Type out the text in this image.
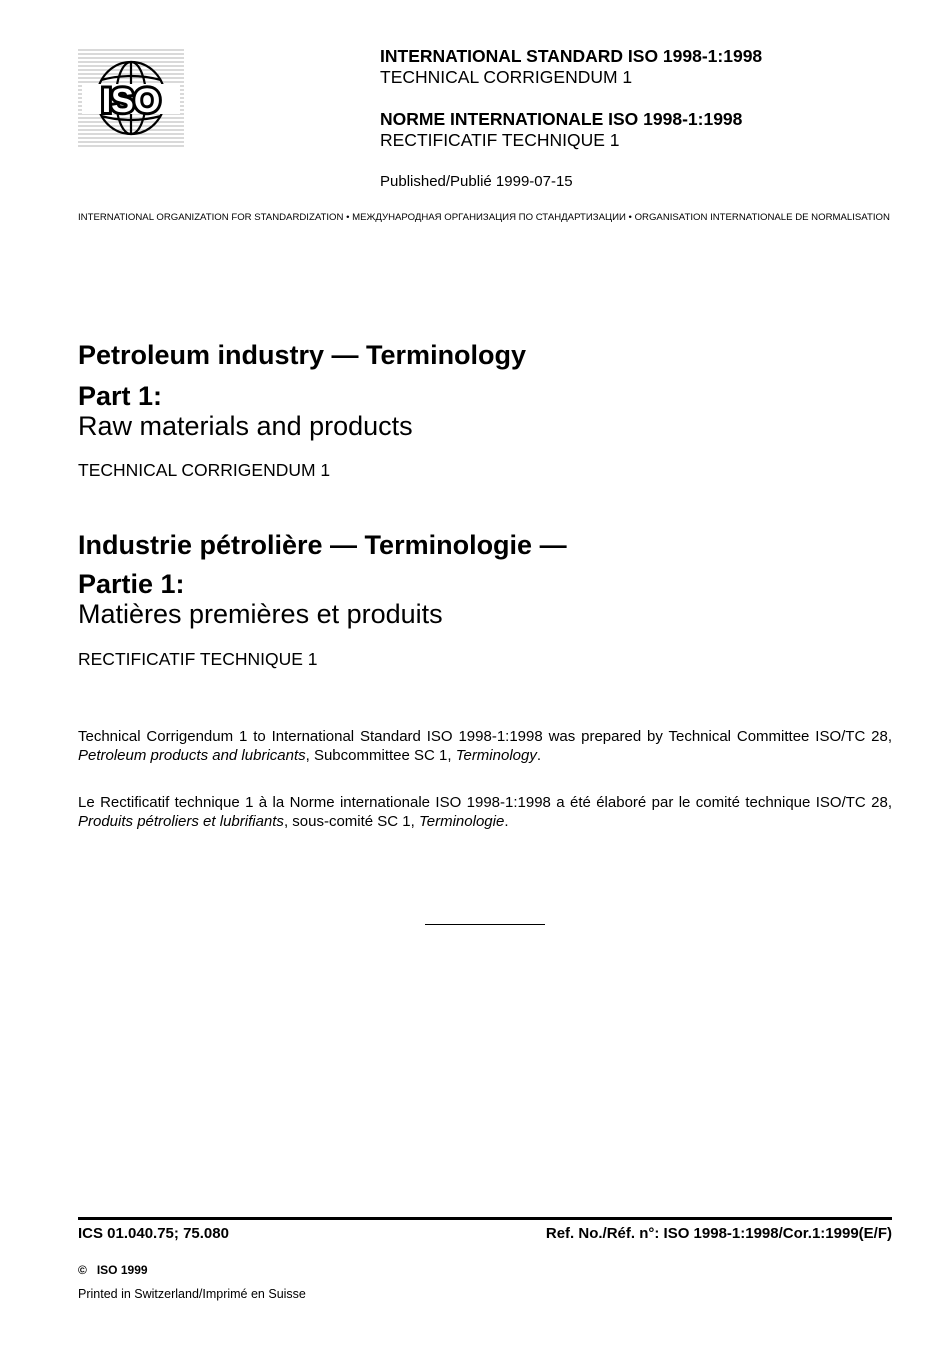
ISO
INTERNATIONAL STANDARD ISO 1998-1:1998
TECHNICAL CORRIGENDUM 1
NORME INTERNATIONALE ISO 1998-1:1998
RECTIFICATIF TECHNIQUE 1
Published/Publié 1999-07-15
INTERNATIONAL ORGANIZATION FOR STANDARDIZATION • МЕЖДУНАРОДНАЯ ОРГАНИЗАЦИЯ ПО СТАНДАРТИЗАЦИИ • ORGANISATION INTERNATIONALE DE NORMALISATION
Petroleum industry — Terminology
Part 1:
Raw materials and products
TECHNICAL CORRIGENDUM 1
Industrie pétrolière — Terminologie —
Partie 1:
Matières premières et produits
RECTIFICATIF TECHNIQUE 1
Technical Corrigendum 1 to International Standard ISO 1998-1:1998 was prepared by Technical Committee ISO/TC 28, Petroleum products and lubricants, Subcommittee SC 1, Terminology.
Le Rectificatif technique 1 à la Norme internationale ISO 1998-1:1998 a été élaboré par le comité technique ISO/TC 28, Produits pétroliers et lubrifiants, sous-comité SC 1, Terminologie.
ICS 01.040.75; 75.080	Ref. No./Réf. n°: ISO 1998-1:1998/Cor.1:1999(E/F)
© ISO 1999
Printed in Switzerland/Imprimé en Suisse
